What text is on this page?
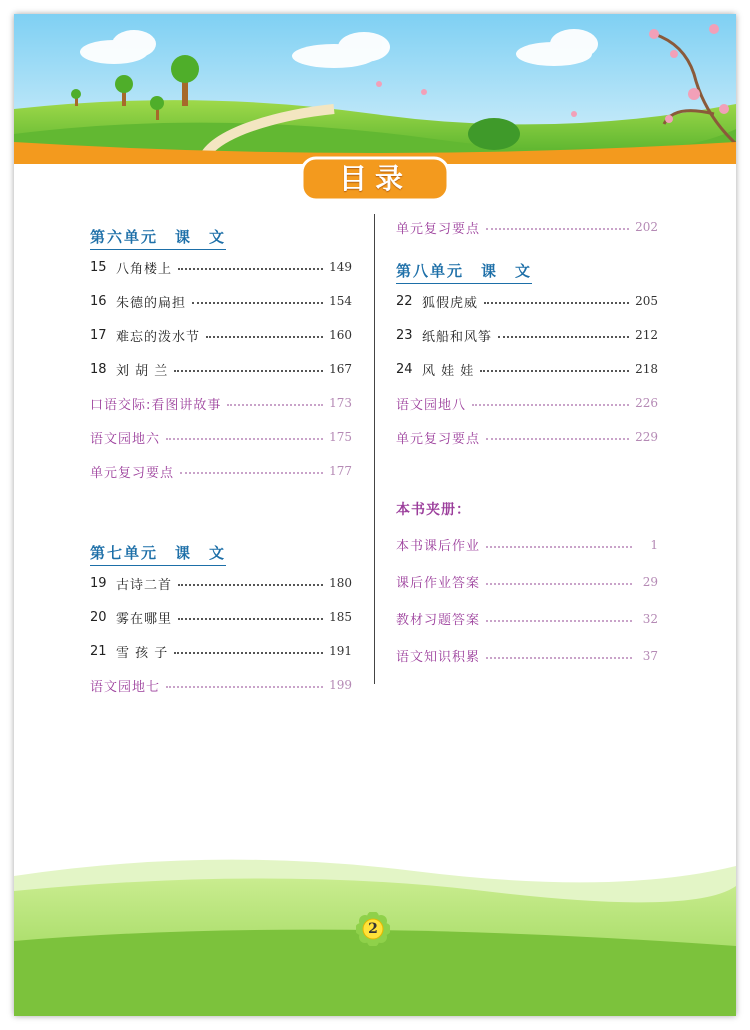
目录
第六单元　课　文
15 八角楼上	149
16 朱德的扁担	154
17 难忘的泼水节	160
18 刘 胡 兰	167
口语交际:看图讲故事	173
语文园地六	175
单元复习要点	177
第七单元　课　文
19 古诗二首	180
20 雾在哪里	185
21 雪 孩 子	191
语文园地七	199
单元复习要点	202
第八单元　课　文
22 狐假虎威	205
23 纸船和风筝	212
24 风 娃 娃	218
语文园地八	226
单元复习要点	229
本书夹册：
本书课后作业	1
课后作业答案	29
教材习题答案	32
语文知识积累	37
2
